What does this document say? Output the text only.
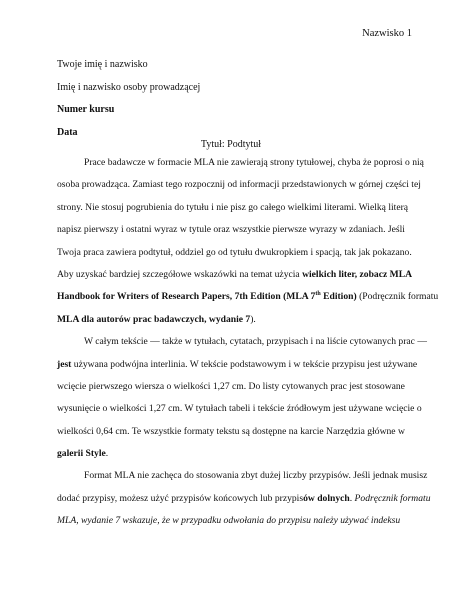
Nazwisko 1
Twoje imię i nazwisko
Imię i nazwisko osoby prowadzącej
Numer kursu
Data
Tytuł: Podtytuł
Prace badawcze w formacie MLA nie zawierają strony tytułowej, chyba że poprosi o nią
osoba prowadząca. Zamiast tego rozpocznij od informacji przedstawionych w górnej części tej
strony. Nie stosuj pogrubienia do tytułu i nie pisz go całego wielkimi literami. Wielką literą
napisz pierwszy i ostatni wyraz w tytule oraz wszystkie pierwsze wyrazy w zdaniach. Jeśli
Twoja praca zawiera podtytuł, oddziel go od tytułu dwukropkiem i spacją, tak jak pokazano.
Aby uzyskać bardziej szczegółowe wskazówki na temat użycia wielkich liter, zobacz MLA
Handbook for Writers of Research Papers, 7th Edition (MLA 7th Edition) (Podręcznik formatu
MLA dla autorów prac badawczych, wydanie 7).
W całym tekście — także w tytułach, cytatach, przypisach i na liście cytowanych prac —
jest używana podwójna interlinia. W tekście podstawowym i w tekście przypisu jest używane
wcięcie pierwszego wiersza o wielkości 1,27 cm. Do listy cytowanych prac jest stosowane
wysunięcie o wielkości 1,27 cm. W tytułach tabeli i tekście źródłowym jest używane wcięcie o
wielkości 0,64 cm. Te wszystkie formaty tekstu są dostępne na karcie Narzędzia główne w
galerii Style.
Format MLA nie zachęca do stosowania zbyt dużej liczby przypisów. Jeśli jednak musisz
dodać przypisy, możesz użyć przypisów końcowych lub przypisów dolnych. Podręcznik formatu
MLA, wydanie 7 wskazuje, że w przypadku odwołania do przypisu należy używać indeksu
